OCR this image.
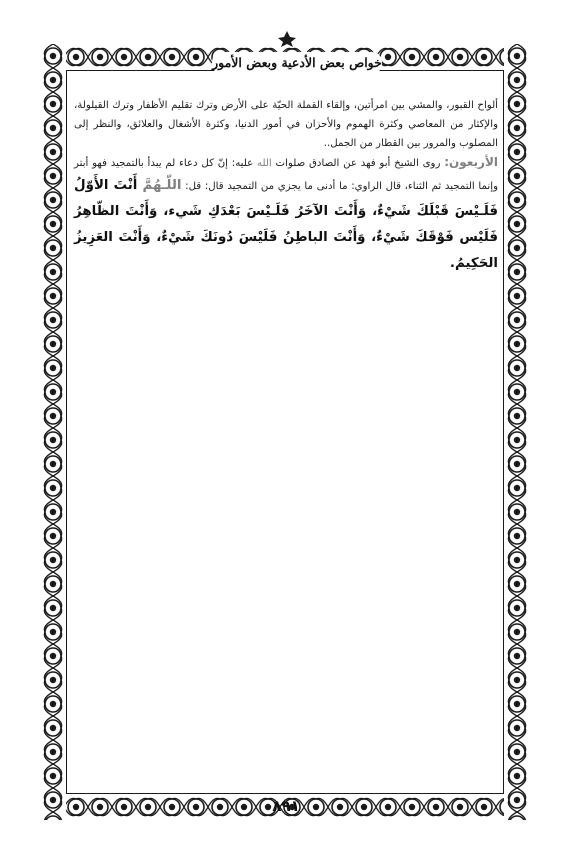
خواص بعض الأدعية وبعض الأمور

ألواح القبور، والمشي بين امرأتين، وإلقاء القملة الحيّة على الأرض وترك تقليم الأظفار وترك القيلولة، والإكثار من المعاصي وكثرة الهموم والأحزان في أمور الدنيا، وكثرة الأشغال والعلائق، والنظر إلى المصلوب والمرور بين القطار من الجمل..

الأربعون: روى الشيخ أبو فهد عن الصادق صلوات الله عليه: إنّ كل دعاء لم يبدأ بالتمجيد فهو أبتر وإنما التمجيد ثم الثناء، قال الراوي: ما أدنى ما يجزي من التمجيد قال: قل: اللّـهُمَّ أَنْتَ الأَوّلُ فَلَـيْسَ قَبْلَكَ شَيْءٌ، وَأَنْتَ الآخَرُ فَلَـيْسَ بَعْدَكِ شَيء، وَأَنْتَ الظّاهِرُ فَلَيْس فَوْقَكَ شَيْءٌ، وَأَنْتَ الباطِنُ فَلَيْسَ دُونَكَ شَيْءٌ، وَأَنْتَ العَزِيزُ الحَكِيمُ.

٨٩١
